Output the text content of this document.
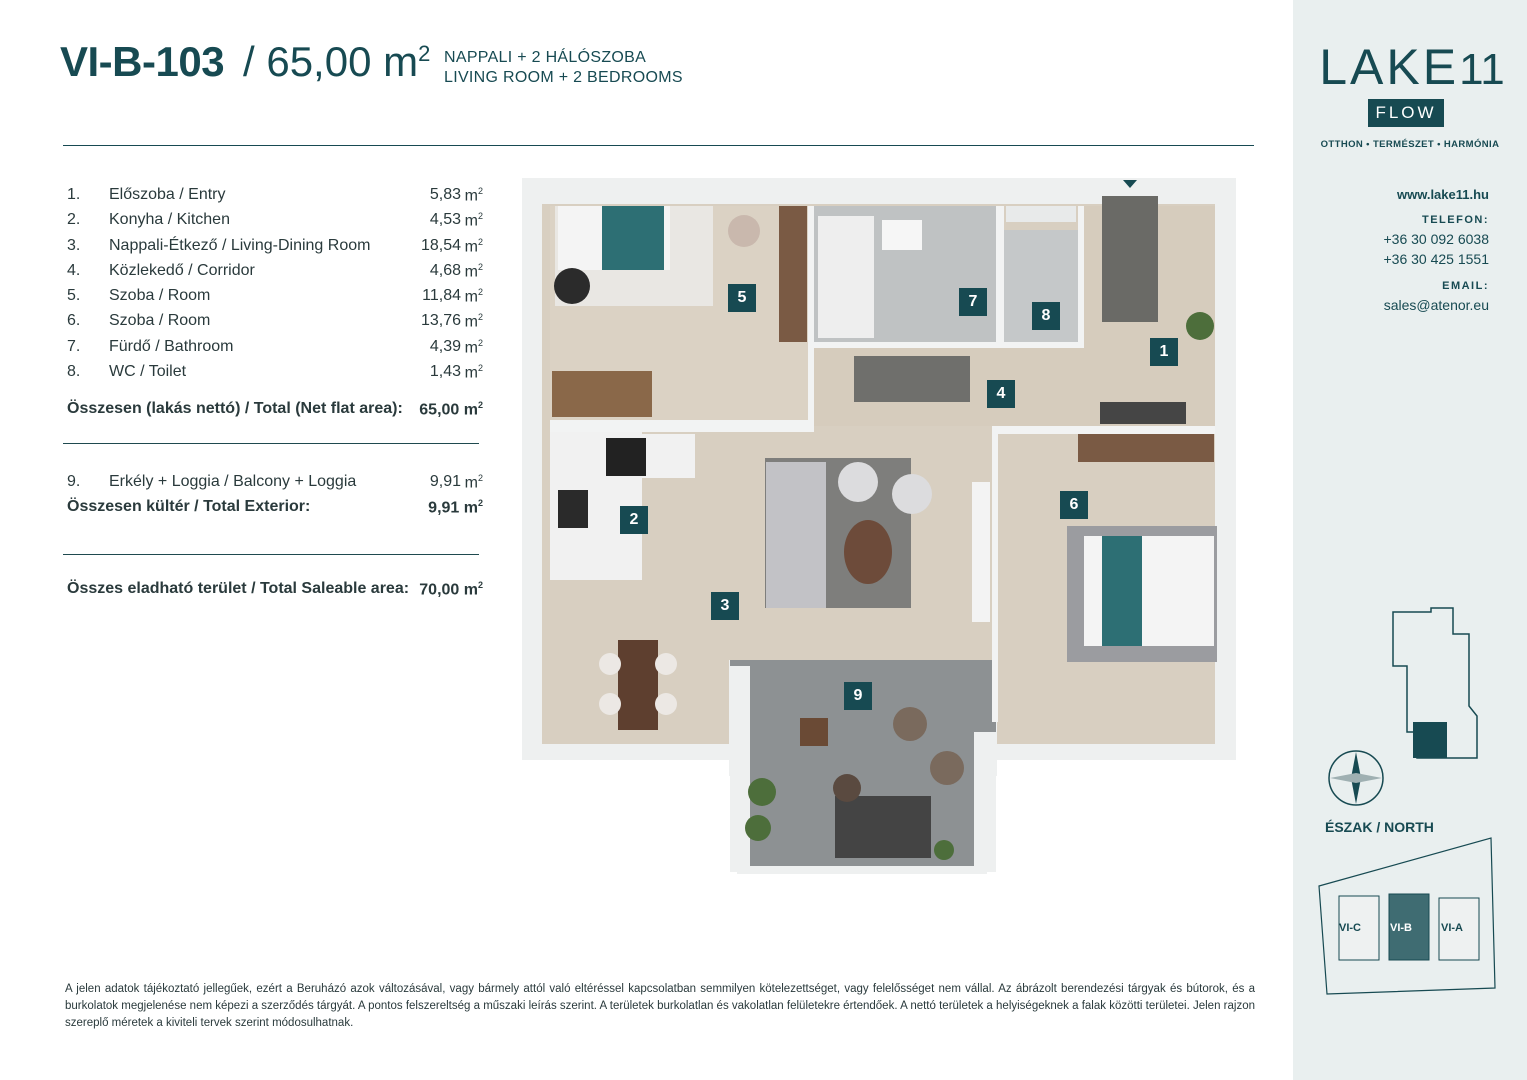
VI-B-103 / 65,00 $m^2$ NAPPALI + 2 HÁLÓSZOBA
LIVING ROOM + 2 BEDROOMS
1. Előszoba / Entry	5,83 $m^2$
2. Konyha / Kitchen	4,53 $m^2$
3. Nappali-Étkező / Living-Dining Room	18,54 $m^2$
4. Közlekedő / Corridor	4,68 $m^2$
5. Szoba / Room	11,84 $m^2$
6. Szoba / Room	13,76 $m^2$
7. Fürdő / Bathroom	4,39 $m^2$
8. WC / Toilet	1,43 $m^2$
Összesen (lakás nettó) / Total (Net flat area): 65,00 $m^2$
9. Erkély + Loggia / Balcony + Loggia	9,91 $m^2$
Összesen kültér / Total Exterior:	9,91 $m^2$
Összes eladható terület / Total Saleable area: 70,00 $m^2$
1
2
3
4
5
6
7
8
9
A jelen adatok tájékoztató jellegűek, ezért a Beruházó azok változásával, vagy bármely attól való eltéréssel kapcsolatban semmilyen kötelezettséget, vagy felelősséget nem vállal. Az ábrázolt berendezési tárgyak és bútorok, és a burkolatok megjelenése nem képezi a szerződés tárgyát. A pontos felszereltség a műszaki leírás szerint. A területek burkolatlan és vakolatlan felületekre értendőek. A nettó területek a helyiségeknek a falak közötti területei. Jelen rajzon szereplő méretek a kiviteli tervek szerint módosulhatnak.
LAKE11
FLOW
OTTHON • TERMÉSZET • HARMÓNIA
www.lake11.hu
TELEFON:
+36 30 092 6038
+36 30 425 1551
EMAIL:
sales@atenor.eu
ÉSZAK / NORTH
VI-C	VI-B	VI-A
